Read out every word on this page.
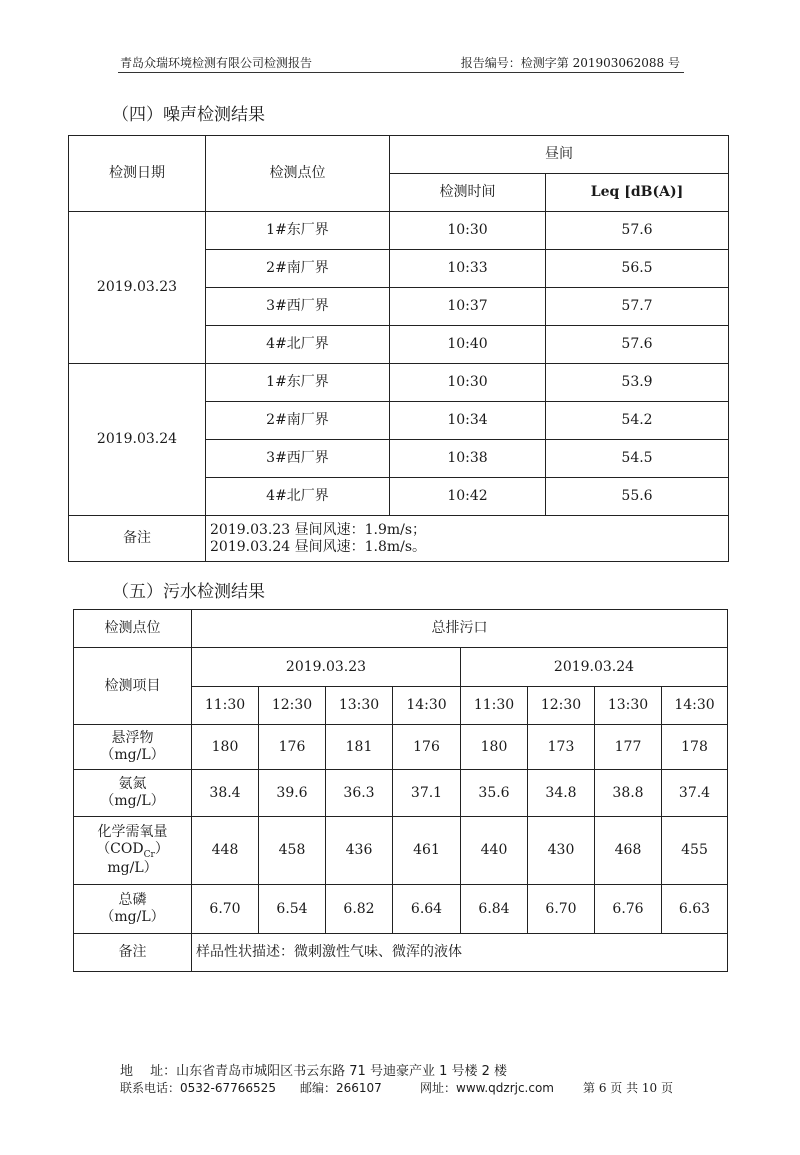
青岛众瑞环境检测有限公司检测报告	报告编号：检测字第 201903062088 号
（四）噪声检测结果
检测日期	检测点位	昼间	
		检测时间	Leq [dB(A)]
2019.03.23	1#东厂界	10:30	57.6
	2#南厂界	10:33	56.5
	3#西厂界	10:37	57.7
	4#北厂界	10:40	57.6
2019.03.24	1#东厂界	10:30	53.9
	2#南厂界	10:34	54.2
	3#西厂界	10:38	54.5
	4#北厂界	10:42	55.6
备注	2019.03.23 昼间风速：1.9m/s；
2019.03.24 昼间风速：1.8m/s。		
（五）污水检测结果
检测点位	总排污口							
检测项目	2019.03.23				2019.03.24			
	11:30	12:30	13:30	14:30	11:30	12:30	13:30	14:30

悬浮物
（mg/L）	180	176	181	176	180	173	177	178

氨氮
（mg/L）	38.4	39.6	36.3	37.1	35.6	34.8	38.8	37.4

化学需氧量
$(COD_{Cr})$
mg/L）	448	458	436	461	440	430	468	455

总磷
（mg/L）	6.70	6.54	6.82	6.64	6.84	6.70	6.76	6.63
备注	样品性状描述：微刺激性气味、微浑的液体							
地　 址：山东省青岛市城阳区书云东路 71 号迪豪产业 1 号楼 2 楼
联系电话：0532-67766525 邮编：266107	网址：www.qdzrjc.com 第 6 页 共 10 页
